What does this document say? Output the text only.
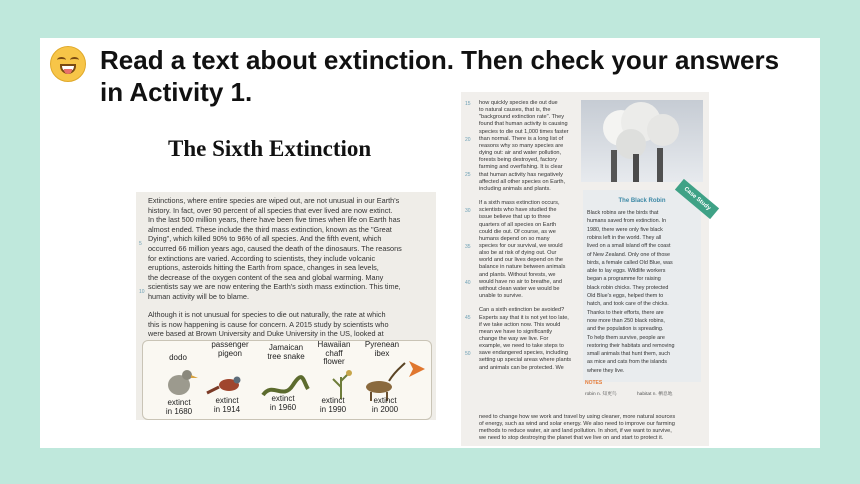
Read a text about extinction. Then check your answers in Activity 1.
The Sixth Extinction

Extinctions, where entire species are wiped out, are not unusual in our Earth's

history. In fact, over 90 percent of all species that ever lived are now extinct.

In the last 500 million years, there have been five times when life on Earth has

almost ended. These include the third mass extinction, known as the "Great

Dying", which killed 90% to 96% of all species. And the fifth event, which

occurred 66 million years ago, caused the death of the dinosaurs. The reasons

for extinctions are varied. According to scientists, they include volcanic

eruptions, asteroids hitting the Earth from space, changes in sea levels,

the decrease of the oxygen content of the sea and global warming. Many

scientists say we are now entering the Earth's sixth mass extinction. This time,

human activity will be to blame.

Although it is not unusual for species to die out naturally, the rate at which

this is now happening is cause for concern. A 2015 study by scientists who

were based at Brown University and Duke University in the US, looked at

5
10
dodo
extinct
in 1680
passenger
pigeon
extinct
in 1914
Jamaican
tree snake
extinct
in 1960
Hawaiian
chaff
flower
extinct
in 1990
Pyrenean
ibex
extinct
in 2000

how quickly species die out due

to natural causes, that is, the

"background extinction rate". They

found that human activity is causing

species to die out 1,000 times faster

than normal. There is a long list of

reasons why so many species are

dying out: air and water pollution,

forests being destroyed, factory

farming and overfishing. It is clear

that human activity has negatively

affected all other species on Earth,

including animals and plants.

If a sixth mass extinction occurs,

scientists who have studied the

issue believe that up to three

quarters of all species on Earth

could die out. Of course, as we

humans depend on so many

species for our survival, we would

also be at risk of dying out. Our

world and our lives depend on the

balance in nature between animals

and plants. Without forests, we

would have no air to breathe, and

without clean water we would be

unable to survive.

Can a sixth extinction be avoided?

Experts say that it is not yet too late,

if we take action now. This would

mean we have to significantly

change the way we live. For

example, we need to take steps to

save endangered species, including

setting up special areas where plants

and animals can be protected. We

15
20
25
30
35
40
45
50
The Black Robin

Black robins are the birds that

humans saved from extinction. In

1980, there were only five black

robins left in the world. They all

lived on a small island off the coast

of New Zealand. Only one of those

birds, a female called Old Blue, was

able to lay eggs. Wildlife workers

began a programme for raising

black robin chicks. They protected

Old Blue's eggs, helped them to

hatch, and took care of the chicks.

Thanks to their efforts, there are

now more than 250 black robins,

and the population is spreading.

To help them survive, people are

restoring their habitats and removing

small animals that hunt them, such

as mice and cats from the islands

where they live.

Case Study
NOTES
robin n. 知更鸟	habitat n. 栖息地

need to change how we work and travel by using cleaner, more natural sources

of energy, such as wind and solar energy. We also need to improve our farming

methods to reduce water, air and land pollution. In short, if we want to survive,

we need to stop destroying the planet that we live on and start to protect it.
